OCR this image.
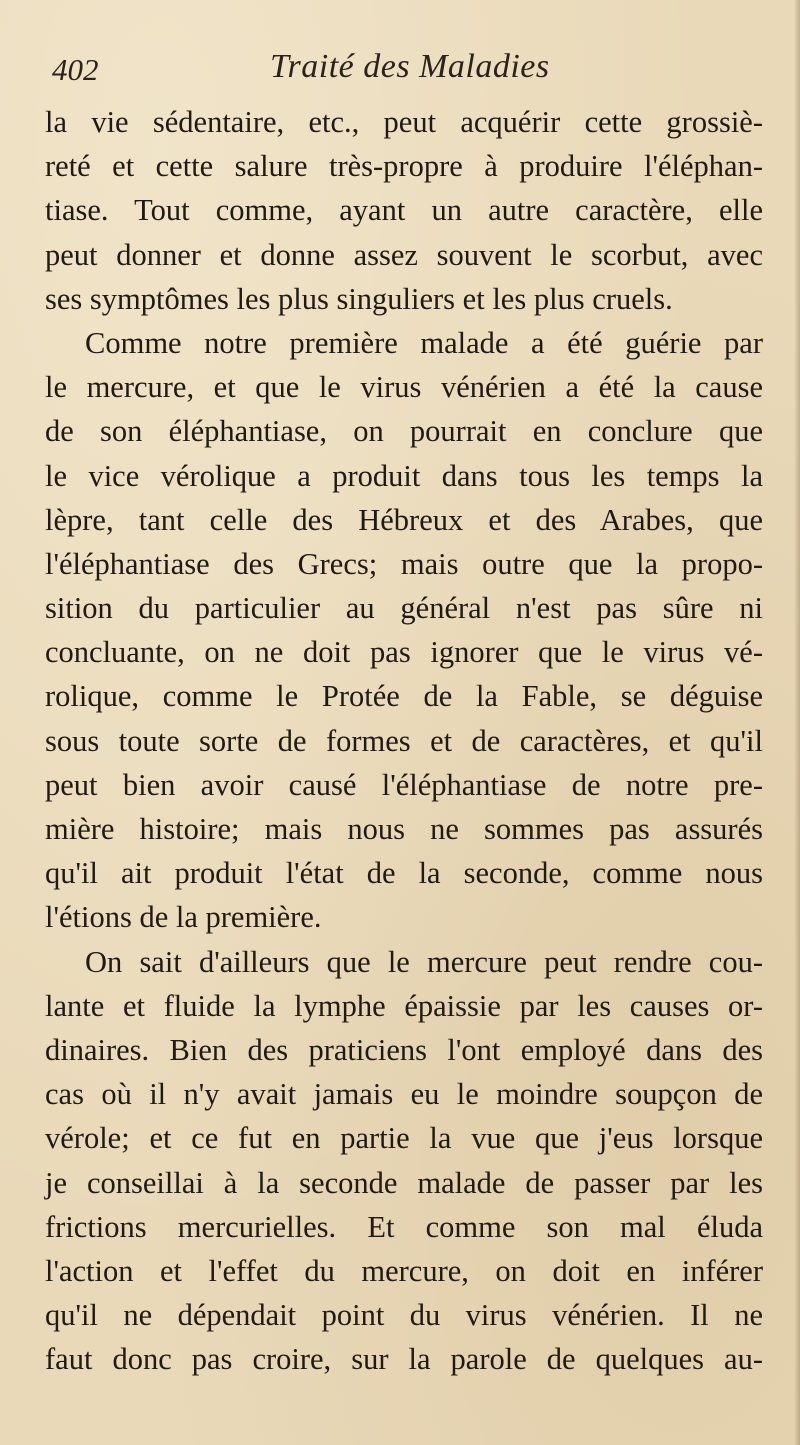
402	Traité des Maladies
la vie sédentaire, etc., peut acquérir cette grossiè-
reté et cette salure très-propre à produire l'éléphan-
tiase. Tout comme, ayant un autre caractère, elle
peut donner et donne assez souvent le scorbut, avec
ses symptômes les plus singuliers et les plus cruels.
Comme notre première malade a été guérie par
le mercure, et que le virus vénérien a été la cause
de son éléphantiase, on pourrait en conclure que
le vice vérolique a produit dans tous les temps la
lèpre, tant celle des Hébreux et des Arabes, que
l'éléphantiase des Grecs; mais outre que la propo-
sition du particulier au général n'est pas sûre ni
concluante, on ne doit pas ignorer que le virus vé-
rolique, comme le Protée de la Fable, se déguise
sous toute sorte de formes et de caractères, et qu'il
peut bien avoir causé l'éléphantiase de notre pre-
mière histoire; mais nous ne sommes pas assurés
qu'il ait produit l'état de la seconde, comme nous
l'étions de la première.
On sait d'ailleurs que le mercure peut rendre cou-
lante et fluide la lymphe épaissie par les causes or-
dinaires. Bien des praticiens l'ont employé dans des
cas où il n'y avait jamais eu le moindre soupçon de
vérole; et ce fut en partie la vue que j'eus lorsque
je conseillai à la seconde malade de passer par les
frictions mercurielles. Et comme son mal éluda
l'action et l'effet du mercure, on doit en inférer
qu'il ne dépendait point du virus vénérien. Il ne
faut donc pas croire, sur la parole de quelques au-
